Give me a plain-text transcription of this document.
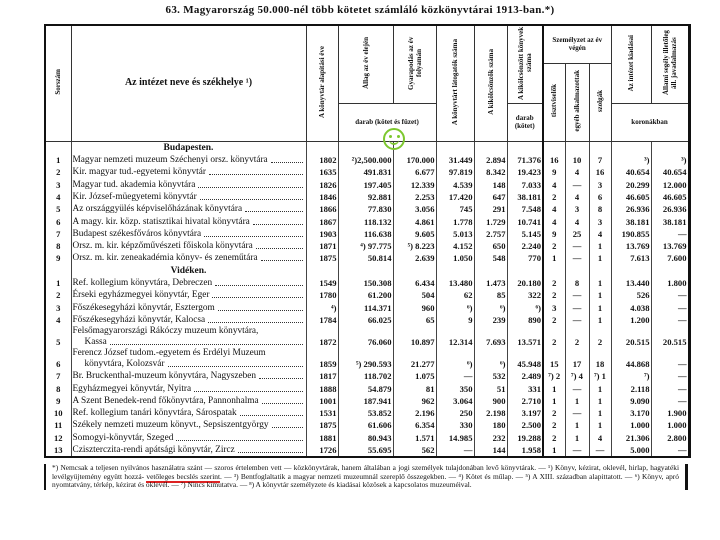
63. Magyarország 50.000-nél több kötetet számláló közkönyvtárai 1913-ban.*)
Sorszám	Az intézet neve és székhelye ¹)	A könyvtár alapítási éve	Állag az év elején	Gyarapodás az év folyamán	A könyvtárt látogatók száma	A kikölcsönzők száma	A kikölcsönzött könyvek száma	Személyzet az év végén			Az intézet kiadásai	Állami segély illetőleg áll. javadalmazás
								tisztviselők	egyéb alkalmazottak	szolgák		
			darab (kötet és füzet)				darab (kötet)				koronákban	
	Budapesten.											
1	Magyar nemzeti muzeum Széchenyi orsz. könyvtára	1802	²)2,500.000	170.000	31.449	2.894	71.376	16	10	7	³)	³)
2	Kir. magyar tud.-egyetemi könyvtár	1635	491.831	6.677	97.819	8.342	19.423	9	4	16	40.654	40.654
3	Magyar tud. akademia könyvtára	1826	197.405	12.339	4.539	148	7.033	4	—	3	20.299	12.000
4	Kir. József-müegyetemi könyvtár	1846	92.881	2.253	17.420	647	38.181	2	4	6	46.605	46.605
5	Az országgyülés képviselőházának könyvtára	1866	77.830	3.056	745	291	7.548	4	3	8	26.936	26.936
6	A magy. kir. közp. statisztikai hivatal könyvtára	1867	118.132	4.861	1.778	1.729	10.741	4	4	3	38.181	38.181
7	Budapest székesfőváros könyvtára	1903	116.638	9.605	5.013	2.757	5.145	9	25	4	190.855	—
8	Orsz. m. kir. képzőművészeti főiskola könyvtára	1871	⁴) 97.775	⁵) 8.223	4.152	650	2.240	2	—	1	13.769	13.769
9	Orsz. m. kir. zeneakadémia könyv- és zeneműtára	1875	50.814	2.639	1.050	548	770	1	—	1	7.613	7.600
	Vidéken.											
1	Ref. kollegium könyvtára, Debreczen	1549	150.308	6.434	13.480	1.473	20.180	2	8	1	13.440	1.800
2	Érseki egyházmegyei könyvtár, Eger	1780	61.200	504	62	85	322	2	—	1	526	—
3	Főszékesegyházi könyvtár, Esztergom	⁴)	114.371	960	⁶)	⁶)	⁶)	3	—	1	4.038	—
4	Főszékesegyházi könyvtár, Kalocsa	1784	66.025	65	9	239	890	2	—	1	1.200	—
5	Felsőmagyarországi Rákóczy muzeum könyvtára,
Kassa	1872	76.060	10.897	12.314	7.693	13.571	2	2	2	20.515	20.515
6	Ferencz József tudom.-egyetem és Erdélyi Muzeum
könyvtára, Kolozsvár	1859	⁵) 290.593	21.277	⁶)	⁶)	45.948	15	17	18	44.868	—
7	Br. Bruckenthal-muzeum könyvtára, Nagyszeben	1817	118.702	1.075	—	532	2.489	⁷) 2	⁷) 4	⁷) 1	⁷)	—
8	Egyházmegyei könyvtár, Nyitra	1888	54.879	81	350	51	331	1	—	1	2.118	—
9	A Szent Benedek-rend főkönyvtára, Pannonhalma	1001	187.941	962	3.064	900	2.710	1	1	1	9.090	—
10	Ref. kollegium tanári könyvtára, Sárospatak	1531	53.852	2.196	250	2.198	3.197	2	—	1	3.170	1.900
11	Székely nemzeti muzeum könyvt., Sepsiszentgyörgy	1875	61.606	6.354	330	180	2.500	2	1	1	1.000	1.000
12	Somogyi-könyvtár, Szeged	1881	80.943	1.571	14.985	232	19.288	2	1	4	21.306	2.800
13	Cziszterczita-rendi apátsági könyvtár, Zircz	1726	55.695	562	—	144	1.958	1	—	—	5.000	—
*) Nemcsak a teljesen nyilvános használatra szánt — szoros értelemben vett — közkönyvtárak, hanem általában a jogi személyek tulajdonában levő könyvtárak. — ¹) Könyv, kézirat, oklevél, hirlap, hagyatéki levélgyüjtemény együtt hozzá- vetőleges becslés szerint. — ³) Bentfoglaltatik a magyar nemzeti muzeumnál szereplő összegekben. — ⁴) Kötet és műlap. — ⁵) A XIII. században alapittatott. — ⁶) Könyv, apró nyomtatvány, térkép, kézirat és oklevél. — ⁷) Nincs kimutatva. — ⁸) A könyvtár személyzete és kiadásai közösek a kapcsolatos muzeuméival.
